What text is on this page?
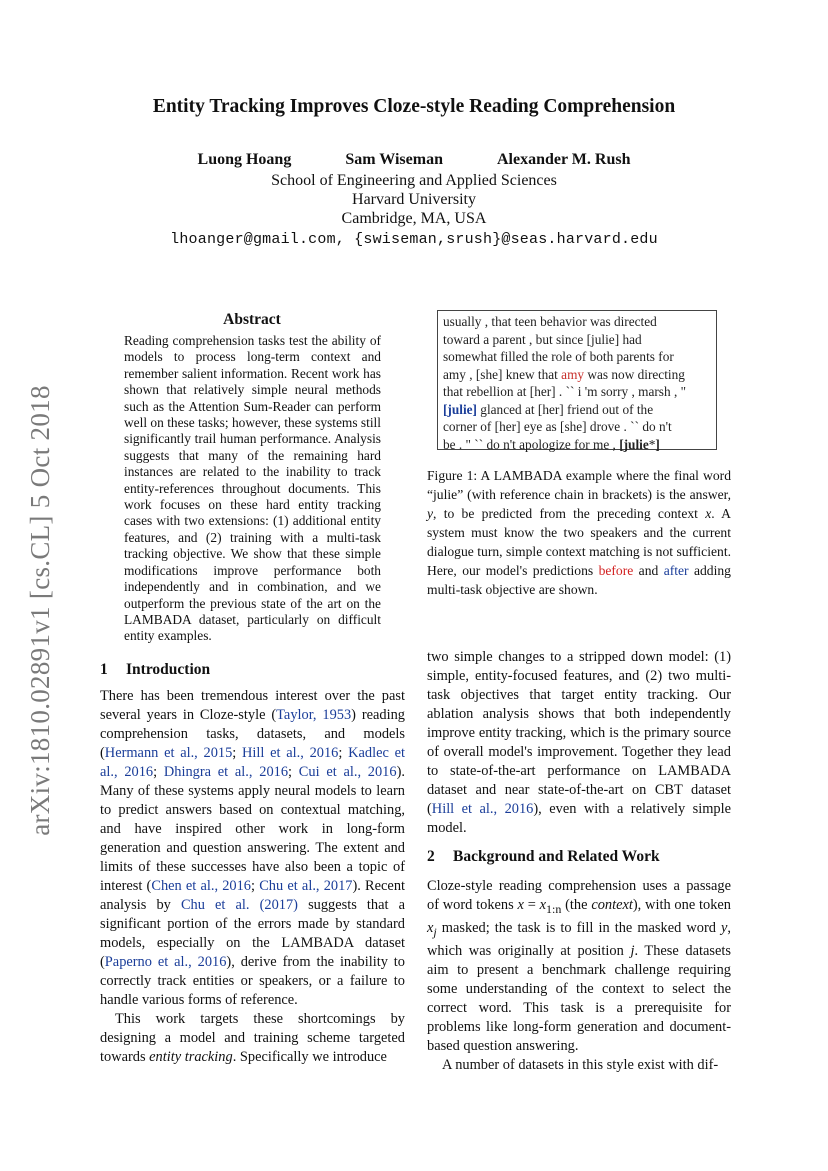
arXiv:1810.02891v1 [cs.CL] 5 Oct 2018
Entity Tracking Improves Cloze-style Reading Comprehension
Luong Hoang	Sam Wiseman	Alexander M. Rush
School of Engineering and Applied Sciences
Harvard University
Cambridge, MA, USA
lhoanger@gmail.com, {swiseman,srush}@seas.harvard.edu
Abstract
Reading comprehension tasks test the ability of models to process long-term context and remember salient information. Recent work has shown that relatively simple neural methods such as the Attention Sum-Reader can perform well on these tasks; however, these systems still significantly trail human performance. Analysis suggests that many of the remaining hard instances are related to the inability to track entity-references throughout documents. This work focuses on these hard entity tracking cases with two extensions: (1) additional entity features, and (2) training with a multi-task tracking objective. We show that these simple modifications improve performance both independently and in combination, and we outperform the previous state of the art on the LAMBADA dataset, particularly on difficult entity examples.
1 Introduction

There has been tremendous interest over the past several years in Cloze-style (Taylor, 1953) reading comprehension tasks, datasets, and models (Hermann et al., 2015; Hill et al., 2016; Kadlec et al., 2016; Dhingra et al., 2016; Cui et al., 2016). Many of these systems apply neural models to learn to predict answers based on contextual matching, and have inspired other work in long-form generation and question answering. The extent and limits of these successes have also been a topic of interest (Chen et al., 2016; Chu et al., 2017). Recent analysis by Chu et al. (2017) suggests that a significant portion of the errors made by standard models, especially on the LAMBADA dataset (Paperno et al., 2016), derive from the inability to correctly track entities or speakers, or a failure to handle various forms of reference.

This work targets these shortcomings by designing a model and training scheme targeted towards entity tracking. Specifically we introduce

usually , that teen behavior was directed
toward a parent , but since [julie] had
somewhat filled the role of both parents for
amy , [she] knew that amy was now directing
that rebellion at [her] . `` i 'm sorry , marsh , "
[julie] glanced at [her] friend out of the
corner of [her] eye as [she] drove . `` do n't
be . " `` do n't apologize for me , [julie*]
Figure 1: A LAMBADA example where the final word “julie” (with reference chain in brackets) is the answer, y, to be predicted from the preceding context x. A system must know the two speakers and the current dialogue turn, simple context matching is not sufficient. Here, our model's predictions before and after adding multi-task objective are shown.

two simple changes to a stripped down model: (1) simple, entity-focused features, and (2) two multi-task objectives that target entity tracking. Our ablation analysis shows that both independently improve entity tracking, which is the primary source of overall model's improvement. Together they lead to state-of-the-art performance on LAMBADA dataset and near state-of-the-art on CBT dataset (Hill et al., 2016), even with a relatively simple model.

2 Background and Related Work

Cloze-style reading comprehension uses a passage of word tokens $x = x_{1:n}$ (the context), with one token $x_j$ masked; the task is to fill in the masked word y, which was originally at position j. These datasets aim to present a benchmark challenge requiring some understanding of the context to select the correct word. This task is a prerequisite for problems like long-form generation and document-based question answering.

A number of datasets in this style exist with dif-
